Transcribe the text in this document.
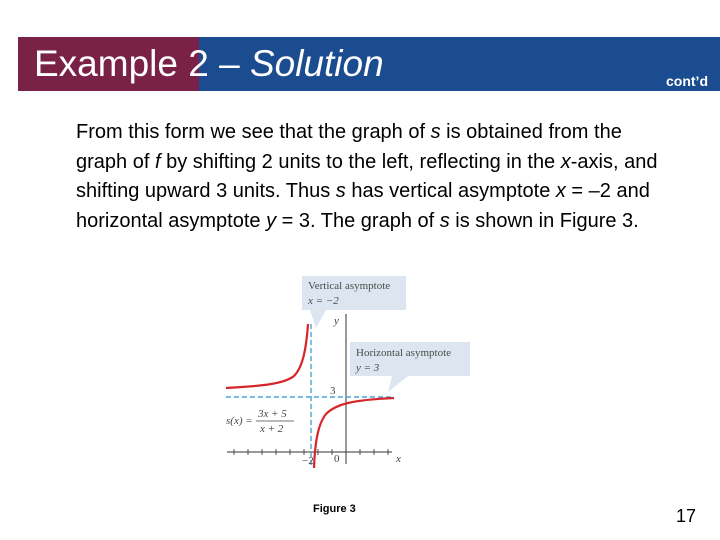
Example 2 – Solution	cont’d
From this form we see that the graph of s is obtained from the graph of f by shifting 2 units to the left, reflecting in the x-axis, and shifting upward 3 units. Thus s has vertical asymptote x = –2 and horizontal asymptote y = 3. The graph of s is shown in Figure 3.
Vertical asymptote
x = −2
Horizontal asymptote
y = 3
y
x
3
−2 0
s(x) =
3x + 5
x + 2
Figure 3	17
